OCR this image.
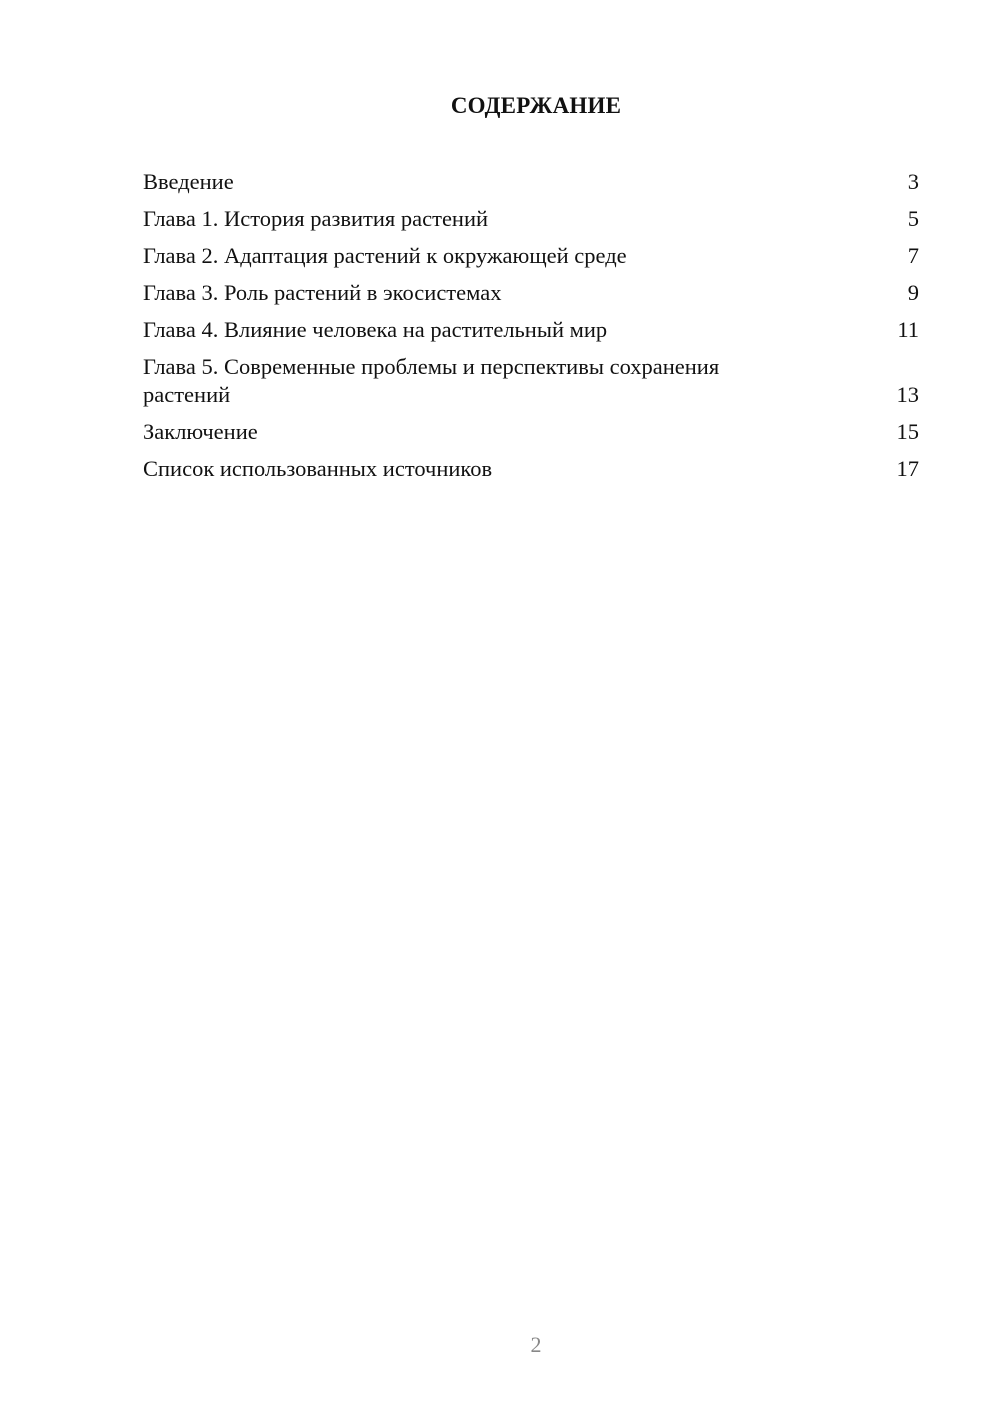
СОДЕРЖАНИЕ
Введение	3
Глава 1. История развития растений	5
Глава 2. Адаптация растений к окружающей среде	7
Глава 3. Роль растений в экосистемах	9
Глава 4. Влияние человека на растительный мир	11
Глава 5. Современные проблемы и перспективы сохранения растений	13
Заключение	15
Список использованных источников	17
2
